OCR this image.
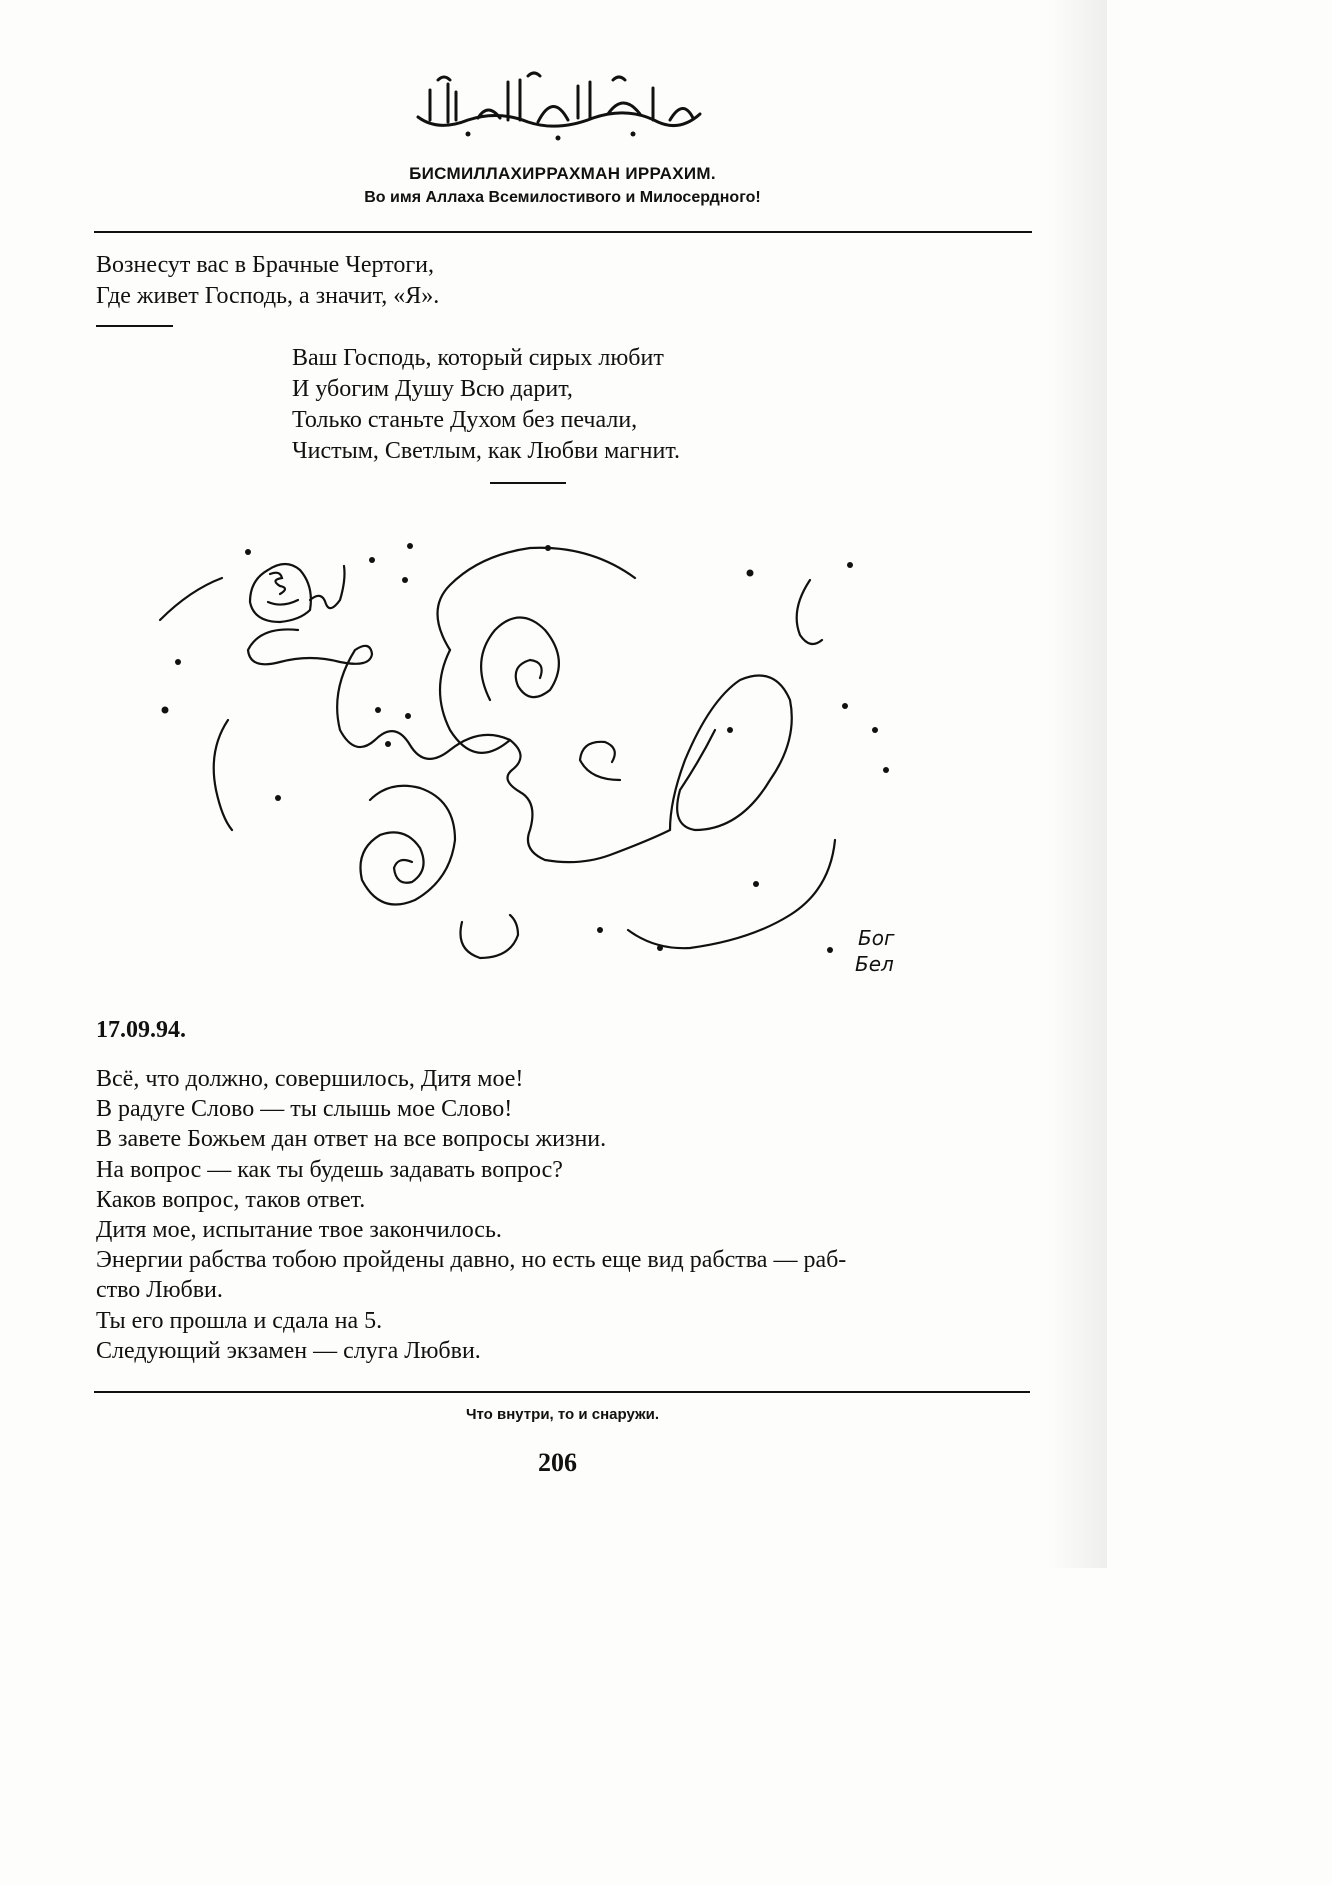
БИСМИЛЛАХИРРАХМАН ИРРАХИМ.
Во имя Аллаха Всемилостивого и Милосердного!
Вознесут вас в Брачные Чертоги,
Где живет Господь, а значит, «Я».
Ваш Господь, который сирых любит
И убогим Душу Всю дарит,
Только станьте Духом без печали,
Чистым, Светлым, как Любви магнит.
Бог
Бел
17.09.94.
Всё, что должно, совершилось, Дитя мое!
В радуге Слово — ты слышь мое Слово!
В завете Божьем дан ответ на все вопросы жизни.
На вопрос — как ты будешь задавать вопрос?
Каков вопрос, таков ответ.
Дитя мое, испытание твое закончилось.
Энергии рабства тобою пройдены давно, но есть еще вид рабства — раб-
ство Любви.
Ты его прошла и сдала на 5.
Следующий экзамен — слуга Любви.
Что внутри, то и снаружи.
206
